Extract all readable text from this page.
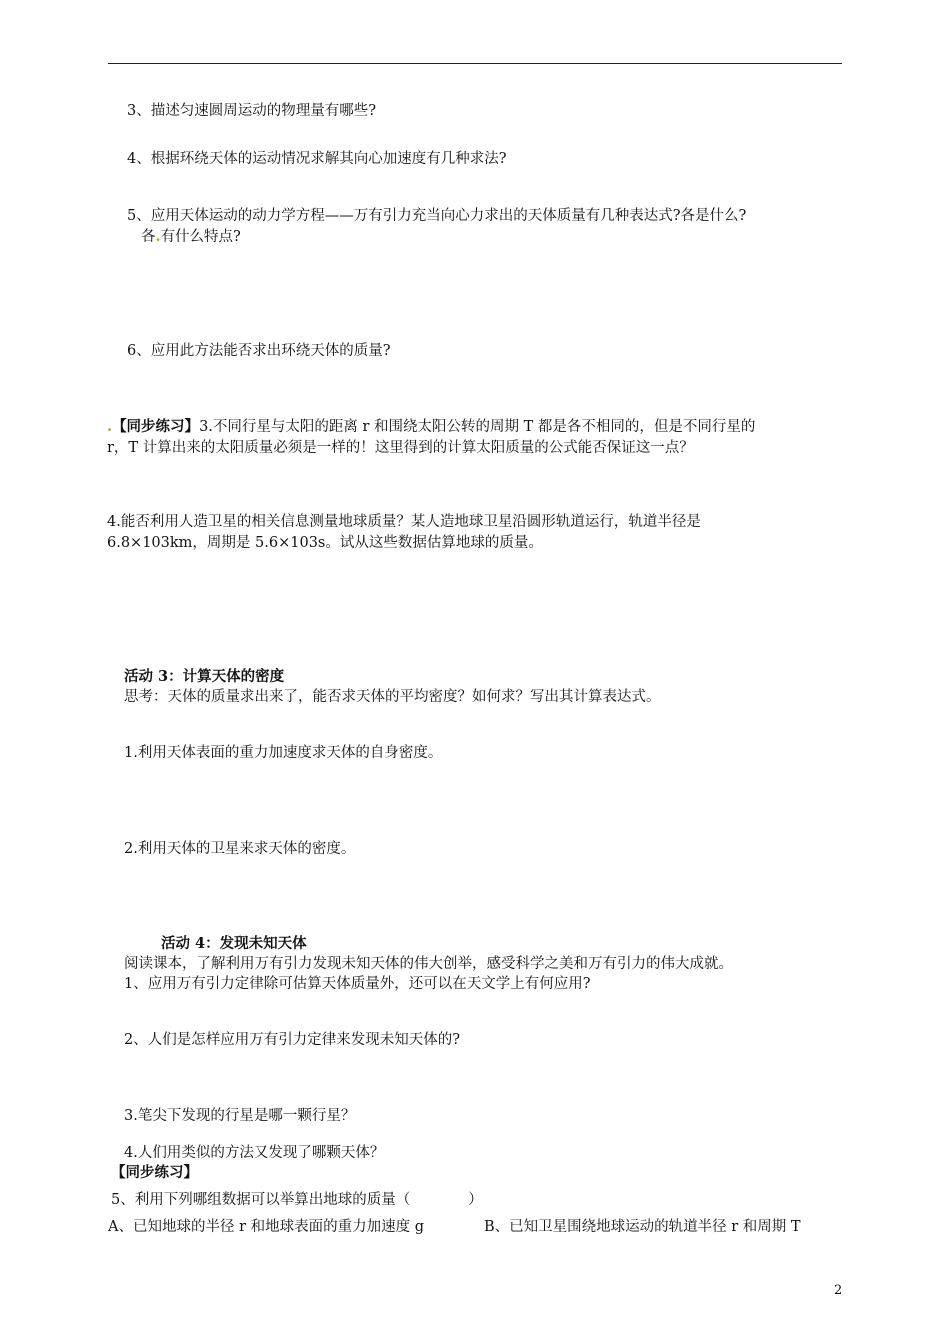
3、描述匀速圆周运动的物理量有哪些?
4、根据环绕天体的运动情况求解其向心加速度有几种求法?
5、应用天体运动的动力学方程——万有引力充当向心力求出的天体质量有几种表达式?各是什么?
各.有什么特点?
6、应用此方法能否求出环绕天体的质量?
.【同步练习】3.不同行星与太阳的距离 r 和围绕太阳公转的周期 T 都是各不相同的，但是不同行星的
r，T 计算出来的太阳质量必须是一样的！这里得到的计算太阳质量的公式能否保证这一点？
4.能否利用人造卫星的相关信息测量地球质量？某人造地球卫星沿圆形轨道运行，轨道半径是
6.8×103km，周期是 5.6×103s。试从这些数据估算地球的质量。
活动 3：计算天体的密度
思考：天体的质量求出来了，能否求天体的平均密度？如何求？写出其计算表达式。
1.利用天体表面的重力加速度求天体的自身密度。
2.利用天体的卫星来求天体的密度。
活动 4：发现未知天体
阅读课本，了解利用万有引力发现未知天体的伟大创举，感受科学之美和万有引力的伟大成就。
1、应用万有引力定律除可估算天体质量外，还可以在天文学上有何应用?
2、人们是怎样应用万有引力定律来发现未知天体的?
3.笔尖下发现的行星是哪一颗行星？
4.人们用类似的方法又发现了哪颗天体？
【同步练习】
5、利用下列哪组数据可以举算出地球的质量（　　　　）
A、已知地球的半径 r 和地球表面的重力加速度 g	B、已知卫星围绕地球运动的轨道半径 r 和周期 T
2
